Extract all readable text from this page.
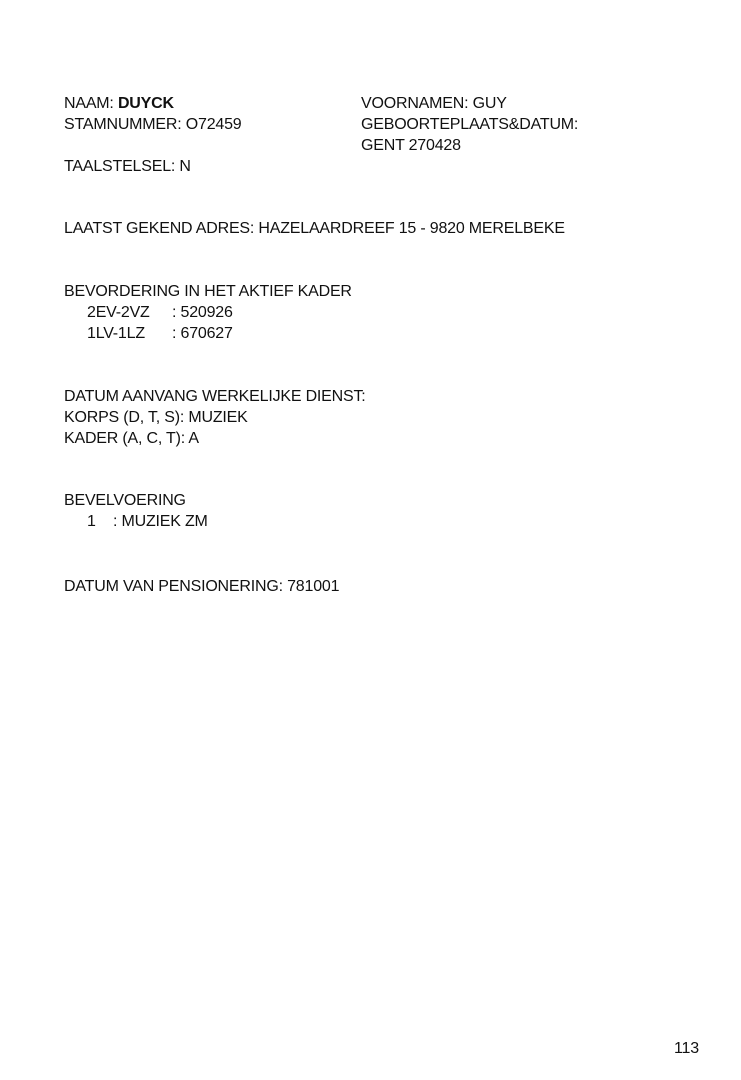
NAAM: DUYCK
STAMNUMMER: O72459
TAALSTELSEL: N
VOORNAMEN: GUY
GEBOORTEPLAATS&DATUM:
GENT 270428
LAATST GEKEND ADRES: HAZELAARDREEF 15 - 9820 MERELBEKE
BEVORDERING IN HET AKTIEF KADER
2EV-2VZ : 520926
1LV-1LZ : 670627
DATUM AANVANG WERKELIJKE DIENST:
KORPS (D, T, S): MUZIEK
KADER (A, C, T): A
BEVELVOERING
1 : MUZIEK ZM
DATUM VAN PENSIONERING: 781001
113
